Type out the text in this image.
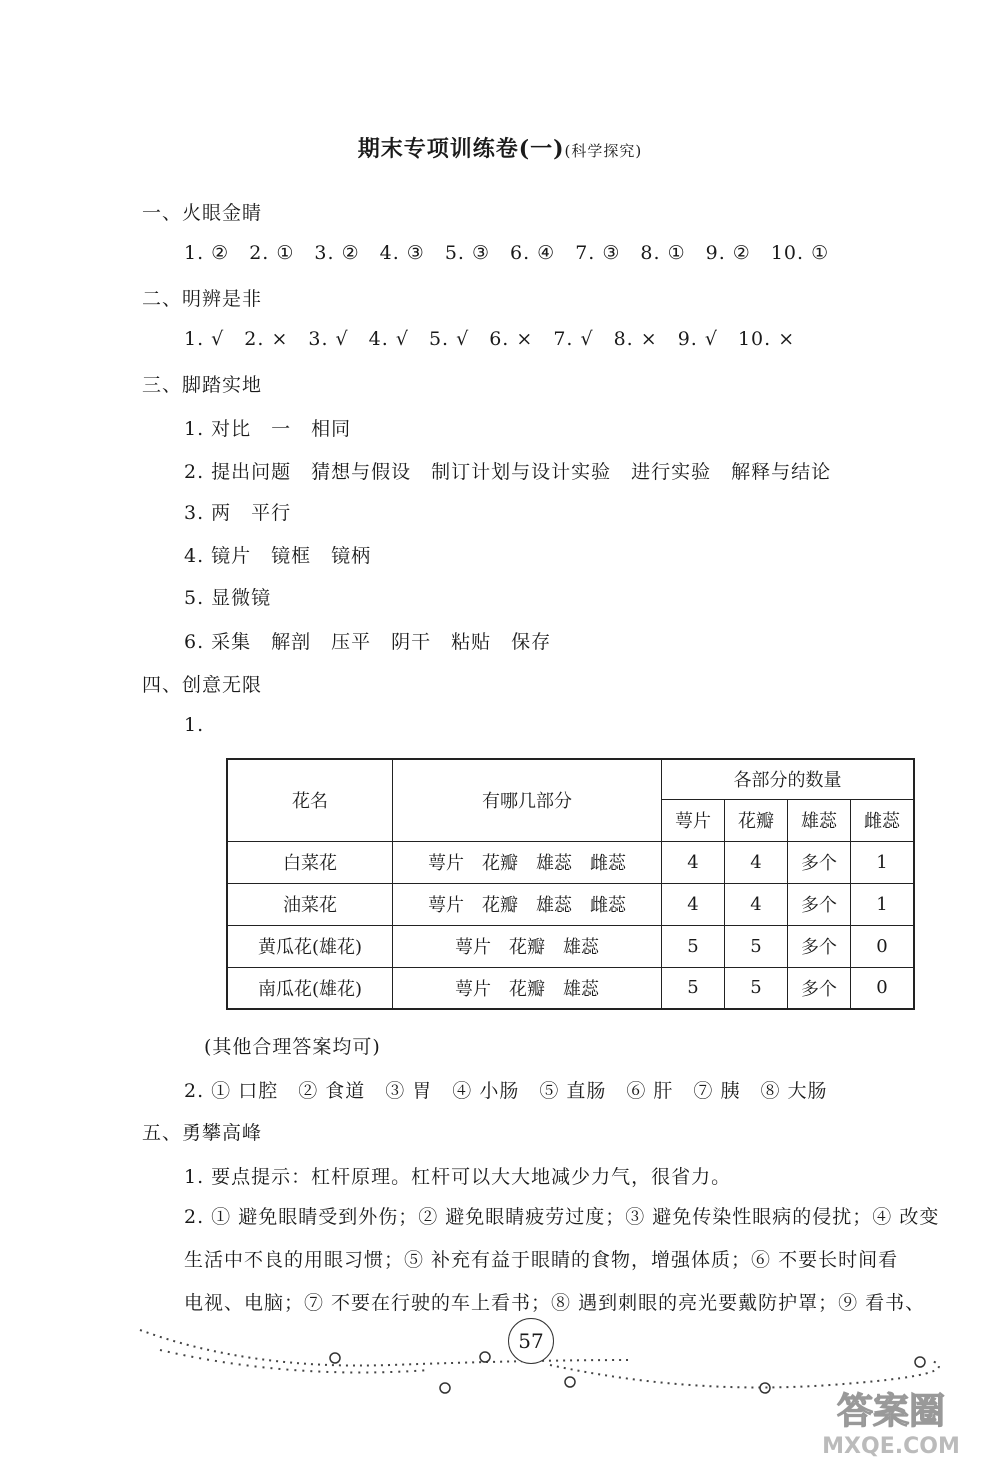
期末专项训练卷(一)(科学探究)
一、火眼金睛
1. ② 2. ① 3. ② 4. ③ 5. ③ 6. ④ 7. ③ 8. ① 9. ② 10. ①
二、明辨是非
1. √ 2. × 3. √ 4. √ 5. √ 6. × 7. √ 8. × 9. √ 10. ×
三、脚踏实地
1. 对比　一　相同
2. 提出问题　猜想与假设　制订计划与设计实验　进行实验　解释与结论
3. 两　平行
4. 镜片　镜框　镜柄
5. 显微镜
6. 采集　解剖　压平　阴干　粘贴　保存
四、创意无限
1.
花名	有哪几部分	各部分的数量			
		萼片	花瓣	雄蕊	雌蕊
白菜花	萼片　花瓣　雄蕊　雌蕊	4	4	多个	1
油菜花	萼片　花瓣　雄蕊　雌蕊	4	4	多个	1
黄瓜花(雄花)	萼片　花瓣　雄蕊	5	5	多个	0
南瓜花(雄花)	萼片　花瓣　雄蕊	5	5	多个	0
(其他合理答案均可)
2. ① 口腔　② 食道　③ 胃　④ 小肠　⑤ 直肠　⑥ 肝　⑦ 胰　⑧ 大肠
五、勇攀高峰
1. 要点提示：杠杆原理。杠杆可以大大地减少力气，很省力。
2. ① 避免眼睛受到外伤；② 避免眼睛疲劳过度；③ 避免传染性眼病的侵扰；④ 改变
生活中不良的用眼习惯；⑤ 补充有益于眼睛的食物，增强体质；⑥ 不要长时间看
电视、电脑；⑦ 不要在行驶的车上看书；⑧ 遇到刺眼的亮光要戴防护罩；⑨ 看书、
57
答案圈
MXQE.COM
